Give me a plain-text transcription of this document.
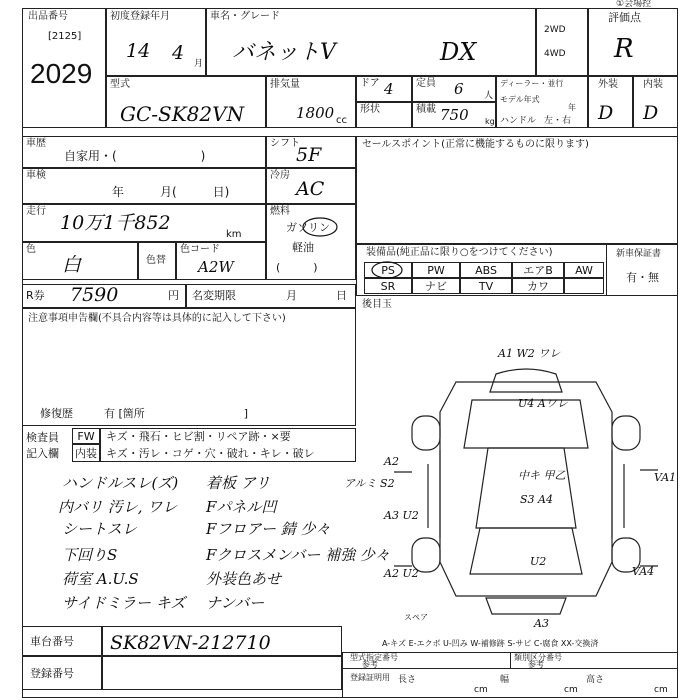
①会場控
出品番号
[2125]
2029
初度登録年月
14 4 月
車名・グレード
バネットV	DX
2WD
4WD
評価点
R
外装	内装
D D
型式
GC-SK82VN
排気量
1800 cc
ドア 4 定員 6 人
形状	積載 750 kg
ディーラー・並行
モデル年式
年
ハンドル 左・右
車歴
自家用・(　　　　　　　)
シフト
5F
車検
年　　　月(　　　日)
冷房
AC
走行
10万1千852
km
燃料
ガソリン
軽油
(　　　)
色
白	色替
色コード
A2W
R券 7590	円 名変期限	月	日
セールスポイント(正常に機能するものに限ります)
装備品(純正品に限り○をつけてください)	新車保証書
有・無
PS	PW	ABS	エアB	AW
SR	ナビ	TV	カワ
後目玉
注意事項申告欄(不具合内容等は具体的に記入して下さい)
修復歴	有 [箇所　　　　　　　　　]
検査員
記入欄
FW
内装
キズ・飛石・ヒビ割・リペア跡・×要
キズ・汚レ・コゲ・穴・破れ・キレ・破レ
ハンドルスレ(ズ)
内バリ 汚レ, ワレ
シートスレ
下回りS
荷室 A.U.S
サイドミラー キズ
着板 アリ
Fパネル凹
Fフロアー 錆 少々
Fクロスメンバー 補強 少々
外装色あせ
ナンバー
A1 W2 ワレ
U4 Aワレ
A2
アルミ S2
A3 U2
VA1
VA4
中キ 甲乙
S3 A4
U2
A2 U2
A3
スペア
A-キズ E-エクボ U-凹み W-補修跡 S-サビ C-腐食 XX-交換済
車台番号 SK82VN-212710
登録番号
型式指定番号
参考
類別区分番号
参考
登録証明用 長さ
cm
幅
cm
高さ
cm
